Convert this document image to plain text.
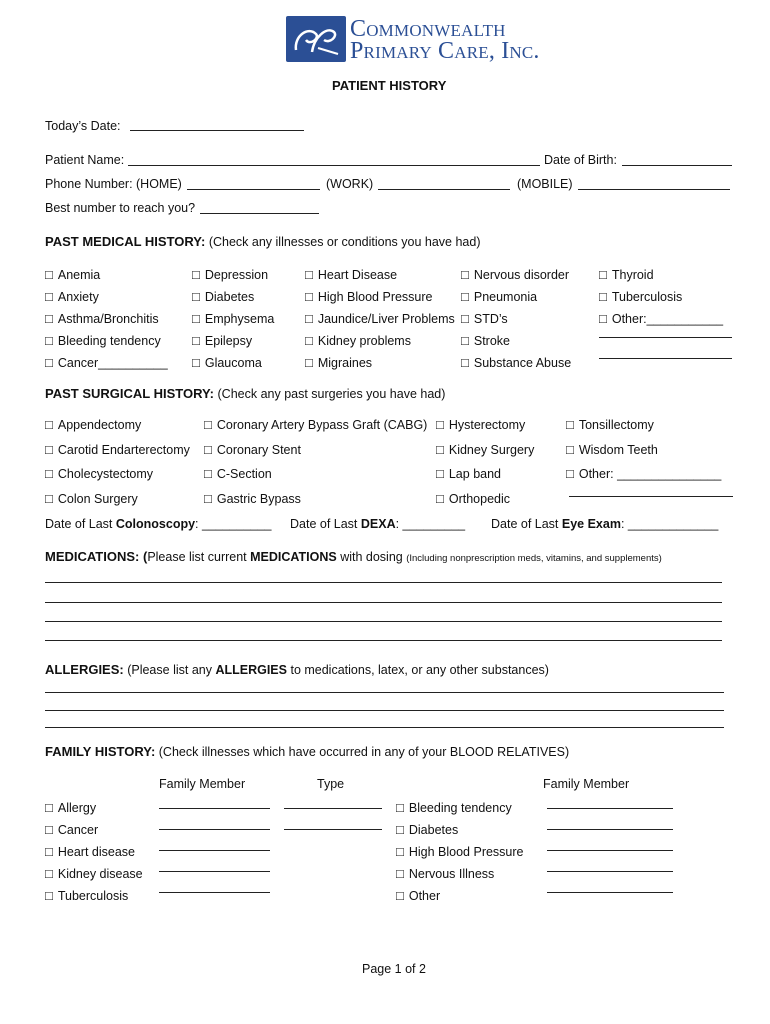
Commonwealth
Primary Care, Inc.
PATIENT HISTORY
Today’s Date:
Patient Name:	Date of Birth:
Phone Number: (HOME)	(WORK)	(MOBILE)
Best number to reach you?
PAST MEDICAL HISTORY: (Check any illnesses or conditions you have had)
□ Anemia
□ Anxiety
□ Asthma/Bronchitis
□ Bleeding tendency
□ Cancer__________
□ Depression
□ Diabetes
□ Emphysema
□ Epilepsy
□ Glaucoma
□ Heart Disease
□ High Blood Pressure
□ Jaundice/Liver Problems
□ Kidney problems
□ Migraines
□ Nervous disorder
□ Pneumonia
□ STD’s
□ Stroke
□ Substance Abuse
□ Thyroid
□ Tuberculosis
□ Other:___________
PAST SURGICAL HISTORY: (Check any past surgeries you have had)
□ Appendectomy
□ Carotid Endarterectomy
□ Cholecystectomy
□ Colon Surgery
□ Coronary Artery Bypass Graft (CABG)
□ Coronary Stent
□ C-Section
□ Gastric Bypass
□ Hysterectomy
□ Kidney Surgery
□ Lap band
□ Orthopedic
□ Tonsillectomy
□ Wisdom Teeth
□ Other: _______________
Date of Last Colonoscopy: __________ Date of Last DEXA: _________ Date of Last Eye Exam: _____________
MEDICATIONS: (Please list current MEDICATIONS with dosing (Including nonprescription meds, vitamins, and supplements)
ALLERGIES: (Please list any ALLERGIES to medications, latex, or any other substances)
FAMILY HISTORY: (Check illnesses which have occurred in any of your BLOOD RELATIVES)
Family Member	Type	Family Member
□ Allergy
□ Cancer
□ Heart disease
□ Kidney disease
□ Tuberculosis
□ Bleeding tendency
□ Diabetes
□ High Blood Pressure
□ Nervous Illness
□ Other
Page 1 of 2
